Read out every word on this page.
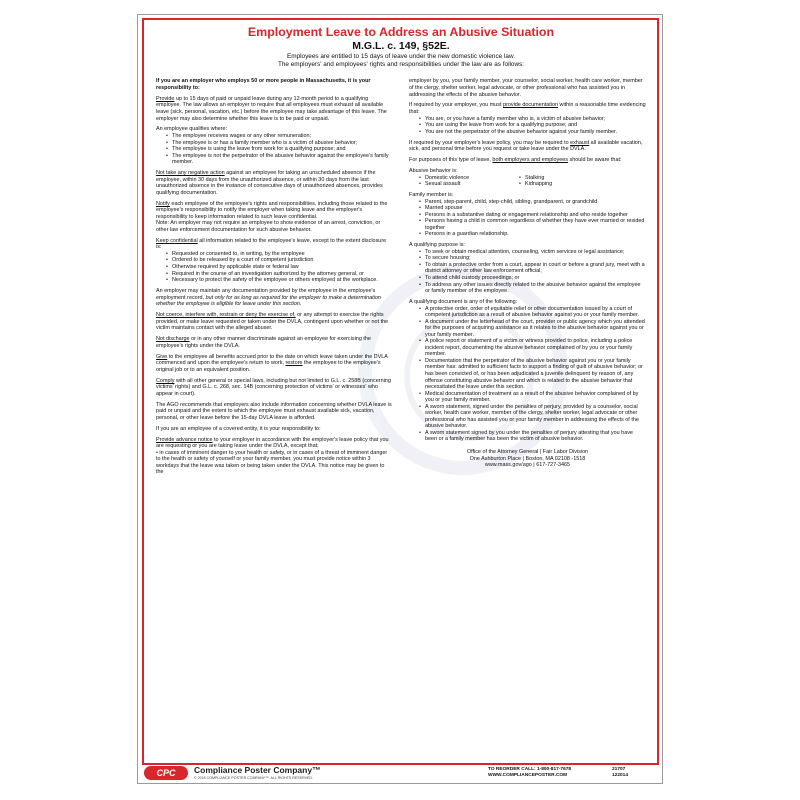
Employment Leave to Address an Abusive Situation
M.G.L. c. 149, §52E.
Employees are entitled to 15 days of leave under the new domestic violence law.
The employers' and employees' rights and responsibilities under the law are as follows:

If you are an employer who employs 50 or more people in Massachusetts, it is your responsibility to:

Provide up to 15 days of paid or unpaid leave during any 12-month period to a qualifying employee. The law allows an employer to require that all employees must exhaust all available leave (sick, personal, vacation, etc.) before the employee may take advantage of this leave. The employer may also determine whether this leave is to be paid or unpaid.

An employee qualifies where:

• The employee receives wages or any other remuneration;
• The employee is or has a family member who is a victim of abusive behavior;
• The employee is using the leave from work for a qualifying purpose; and
• The employee is not the perpetrator of the abusive behavior against the employee's family member.

Not take any negative action against an employee for taking an unscheduled absence if the employee, within 30 days from the unauthorized absence, or within 30 days from the last unauthorized absence in the instance of consecutive days of unauthorized absences, provides qualifying documentation.

Notify each employee of the employee's rights and responsibilities, including those related to the employee's responsibility to notify the employer when taking leave and the employer's responsibility to keep information related to such leave confidential.

Note: An employer may not require an employee to show evidence of an arrest, conviction, or other law enforcement documentation for such abusive behavior.

Keep confidential all information related to the employee's leave, except to the extent disclosure is:

• Requested or consented to, in writing, by the employee
• Ordered to be released by a court of competent jurisdiction
• Otherwise required by applicable state or federal law
• Required in the course of an investigation authorized by the attorney general, or
• Necessary to protect the safety of the employee or others employed at the workplace.

An employer may maintain any documentation provided by the employee in the employee's employment record, but only for as long as required for the employer to make a determination whether the employee is eligible for leave under this section.

Not coerce, interfere with, restrain or deny the exercise of, or any attempt to exercise the rights provided, or make leave requested or taken under the DVLA, contingent upon whether or not the victim maintains contact with the alleged abuser.

Not discharge or in any other manner discriminate against an employee for exercising the employee's rights under the DVLA.

Give to the employee all benefits accrued prior to the date on which leave taken under the DVLA commenced and upon the employee's return to work, restore the employee to the employee's original job or to an equivalent position.

Comply with all other general or special laws, including but not limited to G.L. c. 258B (concerning victims' rights) and G.L. c. 268, sec. 14B (concerning protection of victims' or witnesses' who appear in court).

The AGO recommends that employers also include information concerning whether DVLA leave is paid or unpaid and the extent to which the employee must exhaust available sick, vacation, personal, or other leave before the 15-day DVLA leave is afforded.

If you are an employee of a covered entity, it is your responsibility to:

Provide advance notice to your employer in accordance with the employer's leave policy that you are requesting or you are taking leave under the DVLA, except that:

• in cases of imminent danger to your health or safety, or in cases of a threat of imminent danger to the health or safety of yourself or your family member, you must provide notice within 3 workdays that the leave was taken or being taken under the DVLA. This notice may be given to the

employer by you, your family member, your counselor, social worker, health care worker, member of the clergy, shelter worker, legal advocate, or other professional who has assisted you in addressing the effects of the abusive behavior.

If required by your employer, you must provide documentation within a reasonable time evidencing that:

• You are, or you have a family member who is, a victim of abusive behavior;
• You are using the leave from work for a qualifying purpose; and
• You are not the perpetrator of the abusive behavior against your family member.

If required by your employer's leave policy, you may be required to exhaust all available vacation, sick, and personal time before you request or take leave under the DVLA.

For purposes of this type of leave, both employers and employees should be aware that:

Abusive behavior is:

• Domestic violence
• Sexual assault
• Stalking
• Kidnapping

Family member is:

• Parent, step-parent, child, step-child, sibling, grandparent, or grandchild
• Married spouse
• Persons in a substantive dating or engagement relationship and who reside together
• Persons having a child in common regardless of whether they have ever married or resided together
• Persons in a guardian relationship.

A qualifying purpose is:

• To seek or obtain medical attention, counseling, victim services or legal assistance;
• To secure housing;
• To obtain a protective order from a court, appear in court or before a grand jury, meet with a district attorney or other law enforcement official;
• To attend child custody proceedings; or
• To address any other issues directly related to the abusive behavior against the employee or family member of the employee.

A qualifying document is any of the following:

• A protective order, order of equitable relief or other documentation issued by a court of competent jurisdiction as a result of abusive behavior against you or your family member.
• A document under the letterhead of the court, provider or public agency which you attended for the purposes of acquiring assistance as it relates to the abusive behavior against you or your family member.
• A police report or statement of a victim or witness provided to police, including a police incident report, documenting the abusive behavior complained of by you or your family member.
• Documentation that the perpetrator of the abusive behavior against you or your family member has: admitted to sufficient facts to support a finding of guilt of abusive behavior; or has been convicted of, or has been adjudicated a juvenile delinquent by reason of, any offense constituting abusive behavior and which is related to the abusive behavior that necessitated the leave under this section.
• Medical documentation of treatment as a result of the abusive behavior complained of by you or your family member.
• A sworn statement, signed under the penalties of perjury, provided by a counselor, social worker, health care worker, member of the clergy, shelter worker, legal advocate or other professional who has assisted you or your family member in addressing the effects of the abusive behavior.
• A sworn statement signed by you under the penalties of perjury attesting that you have been or a family member has been the victim of abusive behavior.
Office of the Attorney General | Fair Labor Division
One Ashburton Place | Boston, MA 02108 -1518
www.mass.gov/ago | 617-727-3465
CPC	Compliance Poster Company™
© 2018 COMPLIANCE POSTER COMPANY™. ALL RIGHTS RESERVED.
TO REORDER CALL: 1-800-817-7678
WWW.COMPLIANCEPOSTER.COM
21707
122014
